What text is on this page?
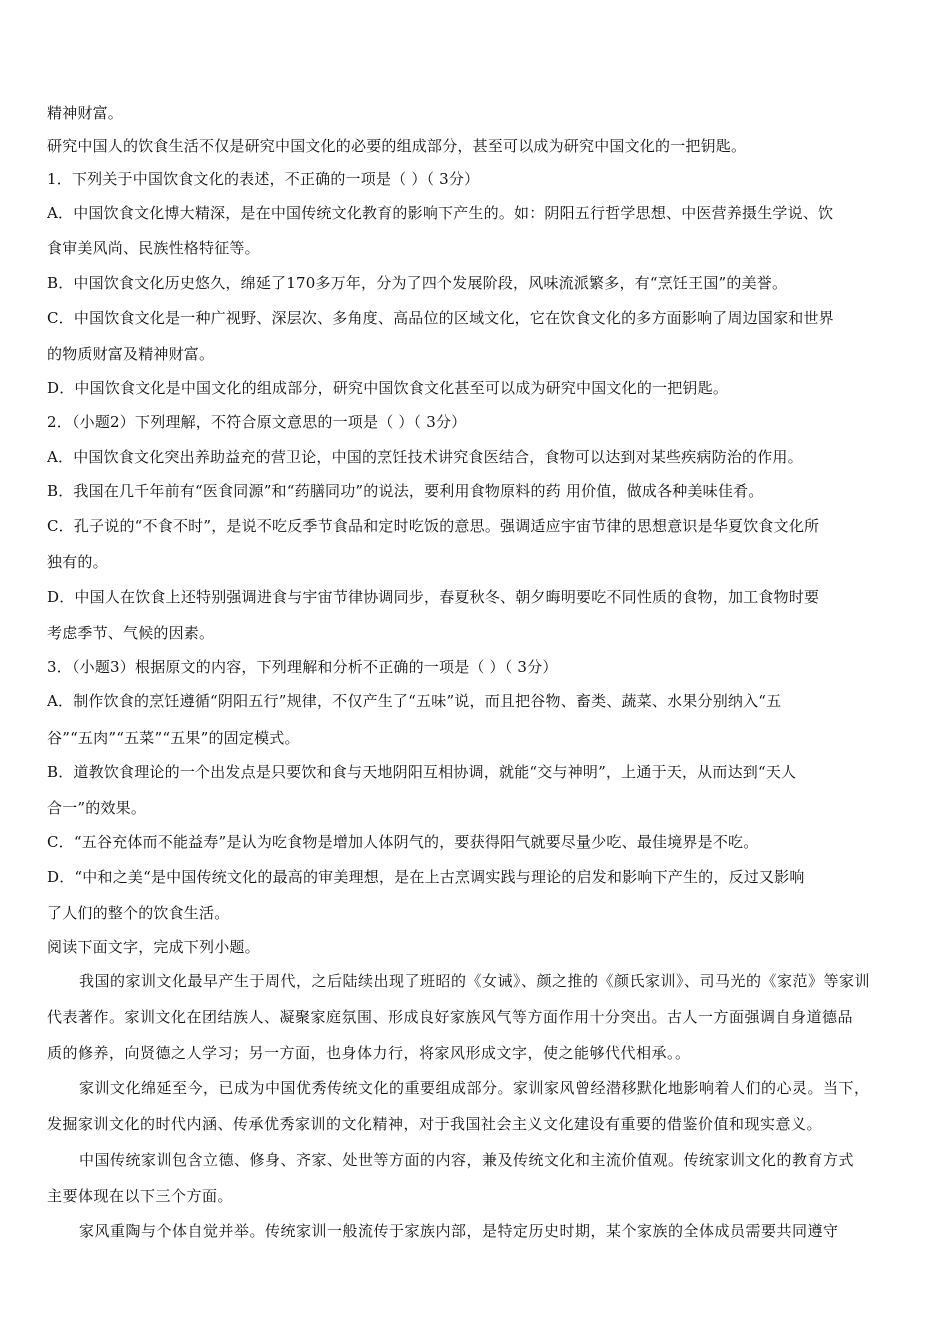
精神财富。
研究中国人的饮食生活不仅是研究中国文化的必要的组成部分，甚至可以成为研究中国文化的一把钥匙。
1．下列关于中国饮食文化的表述，不正确的一项是（ ）（ 3分）
A．中国饮食文化博大精深，是在中国传统文化教育的影响下产生的。如：阴阳五行哲学思想、中医营养摄生学说、饮
食审美风尚、民族性格特征等。
B．中国饮食文化历史悠久，绵延了170多万年，分为了四个发展阶段，风味流派繁多，有“烹饪王国”的美誉。
C．中国饮食文化是一种广视野、深层次、多角度、高品位的区域文化，它在饮食文化的多方面影响了周边国家和世界
的物质财富及精神财富。
D．中国饮食文化是中国文化的组成部分，研究中国饮食文化甚至可以成为研究中国文化的一把钥匙。
2．（小题2）下列理解，不符合原文意思的一项是（ ）（ 3分）
A．中国饮食文化突出养助益充的营卫论，中国的烹饪技术讲究食医结合，食物可以达到对某些疾病防治的作用。
B．我国在几千年前有“医食同源”和“药膳同功”的说法，要利用食物原料的药 用价值，做成各种美味佳肴。
C．孔子说的“不食不时”，是说不吃反季节食品和定时吃饭的意思。强调适应宇宙节律的思想意识是华夏饮食文化所
独有的。
D．中国人在饮食上还特别强调进食与宇宙节律协调同步，春夏秋冬、朝夕晦明要吃不同性质的食物，加工食物时要
考虑季节、气候的因素。
3．（小题3）根据原文的内容，下列理解和分析不正确的一项是（ ）（ 3分）
A．制作饮食的烹饪遵循“阴阳五行”规律，不仅产生了“五味”说，而且把谷物、畜类、蔬菜、水果分别纳入“五
谷”“五肉”“五菜”“五果”的固定模式。
B．道教饮食理论的一个出发点是只要饮和食与天地阴阳互相协调，就能“交与神明”，上通于天，从而达到“天人
合一”的效果。
C．“五谷充体而不能益寿”是认为吃食物是增加人体阴气的，要获得阳气就要尽量少吃、最佳境界是不吃。
D．“中和之美“是中国传统文化的最高的审美理想，是在上古烹调实践与理论的启发和影响下产生的，反过又影响
了人们的整个的饮食生活。
阅读下面文字，完成下列小题。
我国的家训文化最早产生于周代，之后陆续出现了班昭的《女诫》、颜之推的《颜氏家训》、司马光的《家范》等家训
代表著作。家训文化在团结族人、凝聚家庭氛围、形成良好家族风气等方面作用十分突出。古人一方面强调自身道德品
质的修养，向贤德之人学习；另一方面，也身体力行，将家风形成文字，使之能够代代相承。。
家训文化绵延至今，已成为中国优秀传统文化的重要组成部分。家训家风曾经潜移默化地影响着人们的心灵。当下，
发掘家训文化的时代内涵、传承优秀家训的文化精神，对于我国社会主义文化建设有重要的借鉴价值和现实意义。
中国传统家训包含立德、修身、齐家、处世等方面的内容，兼及传统文化和主流价值观。传统家训文化的教育方式
主要体现在以下三个方面。
家风重陶与个体自觉并举。传统家训一般流传于家族内部，是特定历史时期，某个家族的全体成员需要共同遵守
